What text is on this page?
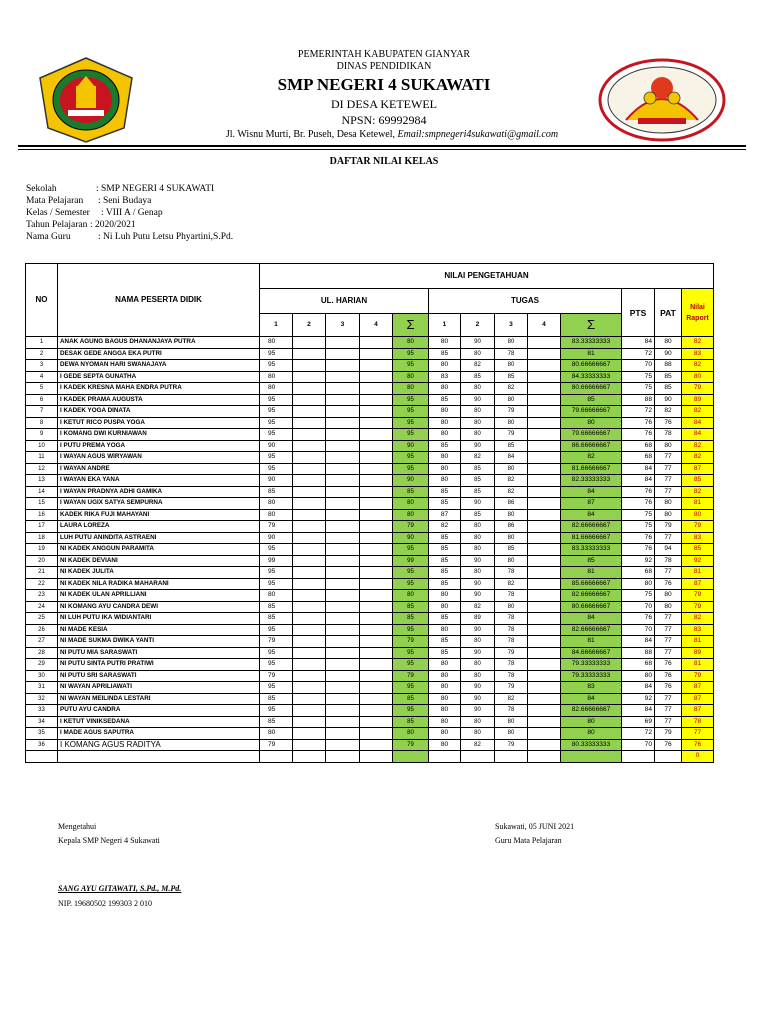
PEMERINTAH KABUPATEN GIANYAR
DINAS PENDIDIKAN
SMP NEGERI 4 SUKAWATI
DI DESA KETEWEL
NPSN: 69992984
Jl. Wisnu Murti, Br. Puseh, Desa Ketewel, Email:smpnegeri4sukawati@gmail.com
DAFTAR NILAI KELAS
Sekolah	: SMP NEGERI 4 SUKAWATI
Mata Pelajaran	: Seni Budaya
Kelas / Semester	: VIII A / Genap
Tahun Pelajaran : 2020/2021
Nama Guru	: Ni Luh Putu Letsu Phyartini,S.Pd.
NO	NAMA PESERTA DIDIK	NILAI PENGETAHUAN												
		UL. HARIAN					TUGAS					PTS	PAT	Nilai
Raport
		1	2	3	4	Σ	1	2	3	4	Σ			
1	ANAK AGUNG BAGUS DHANANJAYA PUTRA	80				80	80	90	80		83.33333333	84	80	82
2	DESAK GEDE ANGGA EKA PUTRI	95				95	85	80	78		81	72	90	83
3	DEWA NYOMAN HARI SWANAJAYA	95				95	80	82	80		80.66666667	70	88	82
4	I GEDE SEPTA GUNATHA	80				80	83	85	85		84.33333333	75	85	80
5	I KADEK KRESNA MAHA ENDRA PUTRA	80				80	80	80	82		80.66666667	75	85	79
6	I KADEK PRAMA AUGUSTA	95				95	85	90	80		85	88	90	89
7	I KADEK YOGA DINATA	95				95	80	80	79		79.66666667	72	82	82
8	I KETUT RICO PUSPA YOGA	95				95	80	80	80		80	76	76	84
9	I KOMANG DWI KURNIAWAN	95				95	80	80	79		79.66666667	76	78	84
10	I PUTU PREMA YOGA	90				90	85	90	85		86.66666667	68	80	82
11	I WAYAN AGUS WIRYAWAN	95				95	80	82	84		82	68	77	82
12	I WAYAN ANDRE	95				95	80	85	80		81.66666667	84	77	87
13	I WAYAN EKA YANA	90				90	80	85	82		82.33333333	84	77	85
14	I WAYAN PRADNYA ADHI GAMIKA	85				85	85	85	82		84	76	77	82
15	I WAYAN UGIX SATYA SEMPURNA	80				80	85	90	86		87	76	80	81
16	KADEK RIKA FUJI MAHAYANI	80				80	87	85	80		84	75	80	80
17	LAURA LOREZA	79				79	82	80	86		82.66666667	75	79	79
18	LUH PUTU ANINDITA ASTRAENI	90				90	85	80	80		81.66666667	76	77	83
19	NI KADEK ANGGUN PARAMITA	95				95	85	80	85		83.33333333	76	94	85
20	NI KADEK DEVIANI	99				99	85	90	80		85	92	78	92
21	NI KADEK JULITA	95				95	85	80	78		81	68	77	81
22	NI KADEK NILA RADIKA MAHARANI	95				95	85	90	82		85.66666667	80	76	87
23	NI KADEK ULAN APRILLIANI	80				80	80	90	78		82.66666667	75	80	79
24	NI KOMANG AYU CANDRA DEWI	85				85	80	82	80		80.66666667	70	80	79
25	NI LUH PUTU IKA WIDIANTARI	85				85	85	89	78		84	76	77	82
26	NI MADE KESIA	95				95	80	90	78		82.66666667	70	77	83
27	NI MADE SUKMA DWIKA YANTI	79				79	85	80	78		81	84	77	81
28	NI PUTU MIA SARASWATI	95				95	85	90	79		84.66666667	88	77	89
29	NI PUTU SINTA PUTRI PRATIWI	95				95	80	80	78		79.33333333	68	76	81
30	NI PUTU SRI SARASWATI	79				79	80	80	78		79.33333333	80	76	79
31	NI WAYAN APRILIAWATI	95				95	80	90	79		83	84	76	87
32	NI WAYAN MEILINDA LESTARI	85				85	80	90	82		84	92	77	87
33	PUTU AYU CANDRA	95				95	80	90	78		82.66666667	84	77	87
34	I KETUT VINIKSEDANA	85				85	80	80	80		80	69	77	78
35	I MADE AGUS SAPUTRA	80				80	80	80	80		80	72	79	77
36	I KOMANG AGUS RADITYA	79				79	80	82	79		80.33333333	70	76	76
														0
Mengetahui
Kepala SMP Negeri 4 Sukawati
Sukawati, 05 JUNI 2021
Guru Mata Pelajaran
SANG AYU GITAWATI, S.Pd., M.Pd.
NIP. 19680502 199303 2 010
